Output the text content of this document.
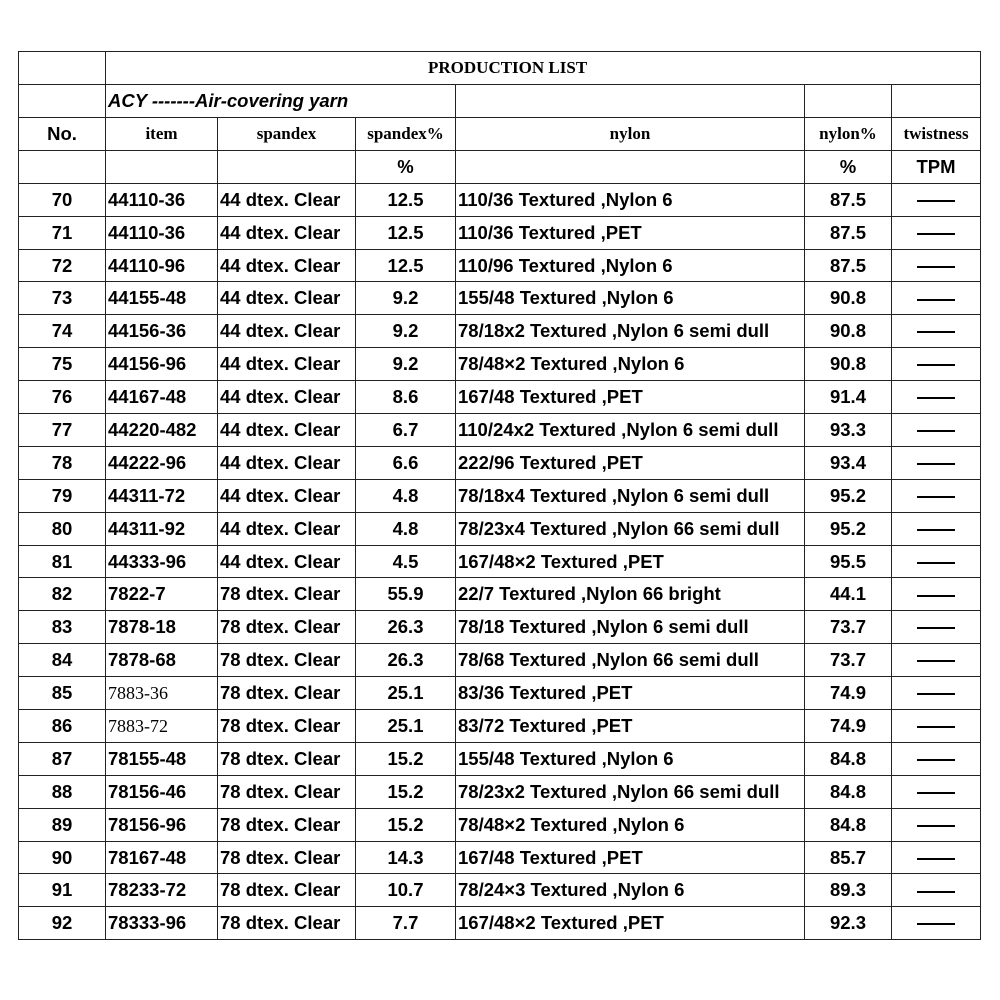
	PRODUCTION LIST					
	ACY -------Air-covering yarn					
No.	item	spandex	spandex%	nylon	nylon%	twistness
			%		%	TPM
70	44110-36	44 dtex. Clear	12.5	110/36 Textured ,Nylon 6	87.5	

71	44110-36	44 dtex. Clear	12.5	110/36 Textured ,PET	87.5	

72	44110-96	44 dtex. Clear	12.5	110/96 Textured ,Nylon 6	87.5	

73	44155-48	44 dtex. Clear	9.2	155/48 Textured ,Nylon 6	90.8	

74	44156-36	44 dtex. Clear	9.2	78/18x2 Textured ,Nylon 6 semi dull	90.8	

75	44156-96	44 dtex. Clear	9.2	78/48×2 Textured ,Nylon 6	90.8	

76	44167-48	44 dtex. Clear	8.6	167/48 Textured ,PET	91.4	

77	44220-482	44 dtex. Clear	6.7	110/24x2 Textured ,Nylon 6 semi dull	93.3	

78	44222-96	44 dtex. Clear	6.6	222/96 Textured ,PET	93.4	

79	44311-72	44 dtex. Clear	4.8	78/18x4 Textured ,Nylon 6 semi dull	95.2	

80	44311-92	44 dtex. Clear	4.8	78/23x4 Textured ,Nylon 66 semi dull	95.2	

81	44333-96	44 dtex. Clear	4.5	167/48×2 Textured ,PET	95.5	

82	7822-7	78 dtex. Clear	55.9	22/7 Textured ,Nylon 66 bright	44.1	

83	7878-18	78 dtex. Clear	26.3	78/18 Textured ,Nylon 6 semi dull	73.7	

84	7878-68	78 dtex. Clear	26.3	78/68 Textured ,Nylon 66 semi dull	73.7	

85	7883-36	78 dtex. Clear	25.1	83/36 Textured ,PET	74.9	

86	7883-72	78 dtex. Clear	25.1	83/72 Textured ,PET	74.9	

87	78155-48	78 dtex. Clear	15.2	155/48 Textured ,Nylon 6	84.8	

88	78156-46	78 dtex. Clear	15.2	78/23x2 Textured ,Nylon 66 semi dull	84.8	

89	78156-96	78 dtex. Clear	15.2	78/48×2 Textured ,Nylon 6	84.8	

90	78167-48	78 dtex. Clear	14.3	167/48 Textured ,PET	85.7	

91	78233-72	78 dtex. Clear	10.7	78/24×3 Textured ,Nylon 6	89.3	

92	78333-96	78 dtex. Clear	7.7	167/48×2 Textured ,PET	92.3	
